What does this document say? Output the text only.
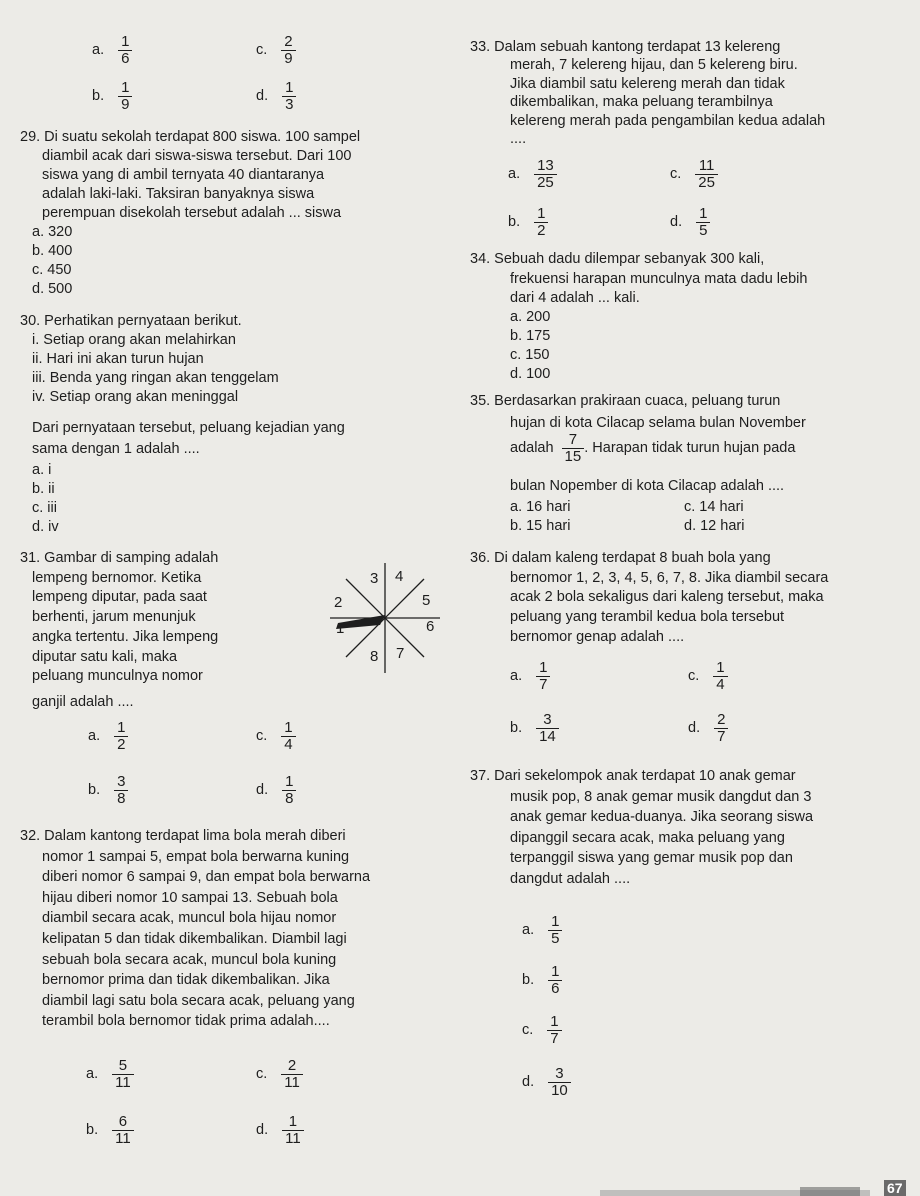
a. $\frac{1}{6}$	c. $\frac{2}{9}$
b. $\frac{1}{9}$	d. $\frac{1}{3}$
29. Di suatu sekolah terdapat 800 siswa. 100 sampel
diambil acak dari siswa-siswa tersebut. Dari 100
siswa yang di ambil ternyata 40 diantaranya
adalah laki-laki. Taksiran banyaknya siswa
perempuan disekolah tersebut adalah ... siswa
a. 320
b. 400
c. 450
d. 500
30. Perhatikan pernyataan berikut.
i. Setiap orang akan melahirkan
ii. Hari ini akan turun hujan
iii. Benda yang ringan akan tenggelam
iv. Setiap orang akan meninggal
Dari pernyataan tersebut, peluang kejadian yang
sama dengan 1 adalah ....
a. i
b. ii
c. iii
d. iv
31. Gambar di samping adalah
lempeng bernomor. Ketika
lempeng diputar, pada saat
berhenti, jarum menunjuk
angka tertentu. Jika lempeng
diputar satu kali, maka
peluang munculnya nomor
ganjil adalah ....
3 4
5
6
7
8
1
2
a. $\frac{1}{2}$	c. $\frac{1}{4}$
b. $\frac{3}{8}$	d. $\frac{1}{8}$
32. Dalam kantong terdapat lima bola merah diberi
nomor 1 sampai 5, empat bola berwarna kuning
diberi nomor 6 sampai 9, dan empat bola berwarna
hijau diberi nomor 10 sampai 13. Sebuah bola
diambil secara acak, muncul bola hijau nomor
kelipatan 5 dan tidak dikembalikan. Diambil lagi
sebuah bola secara acak, muncul bola kuning
bernomor prima dan tidak dikembalikan. Jika
diambil lagi satu bola secara acak, peluang yang
terambil bola bernomor tidak prima adalah....
a. $\frac{5}{11}$	c. $\frac{2}{11}$
b. $\frac{6}{11}$	d. $\frac{1}{11}$
33. Dalam sebuah kantong terdapat 13 kelereng
merah, 7 kelereng hijau, dan 5 kelereng biru.
Jika diambil satu kelereng merah dan tidak
dikembalikan, maka peluang terambilnya
kelereng merah pada pengambilan kedua adalah
....
a. $\frac{13}{25}$	c. $\frac{11}{25}$
b. $\frac{1}{2}$	d. $\frac{1}{5}$
34. Sebuah dadu dilempar sebanyak 300 kali,
frekuensi harapan munculnya mata dadu lebih
dari 4 adalah ... kali.
a. 200
b. 175
c. 150
d. 100
35. Berdasarkan prakiraan cuaca, peluang turun
hujan di kota Cilacap selama bulan November
adalah $\frac{7}{15}$ . Harapan tidak turun hujan pada
bulan Nopember di kota Cilacap adalah ....
a. 16 hari	c. 14 hari
b. 15 hari	d. 12 hari
36. Di dalam kaleng terdapat 8 buah bola yang
bernomor 1, 2, 3, 4, 5, 6, 7, 8. Jika diambil secara
acak 2 bola sekaligus dari kaleng tersebut, maka
peluang yang terambil kedua bola tersebut
bernomor genap adalah ....
a. $\frac{1}{7}$	c. $\frac{1}{4}$
b. $\frac{3}{14}$	d. $\frac{2}{7}$
37. Dari sekelompok anak terdapat 10 anak gemar
musik pop, 8 anak gemar musik dangdut dan 3
anak gemar kedua-duanya. Jika seorang siswa
dipanggil secara acak, maka peluang yang
terpanggil siswa yang gemar musik pop dan
dangdut adalah ....
a. $\frac{1}{5}$
b. $\frac{1}{6}$
c. $\frac{1}{7}$
d. $\frac{3}{10}$
67
